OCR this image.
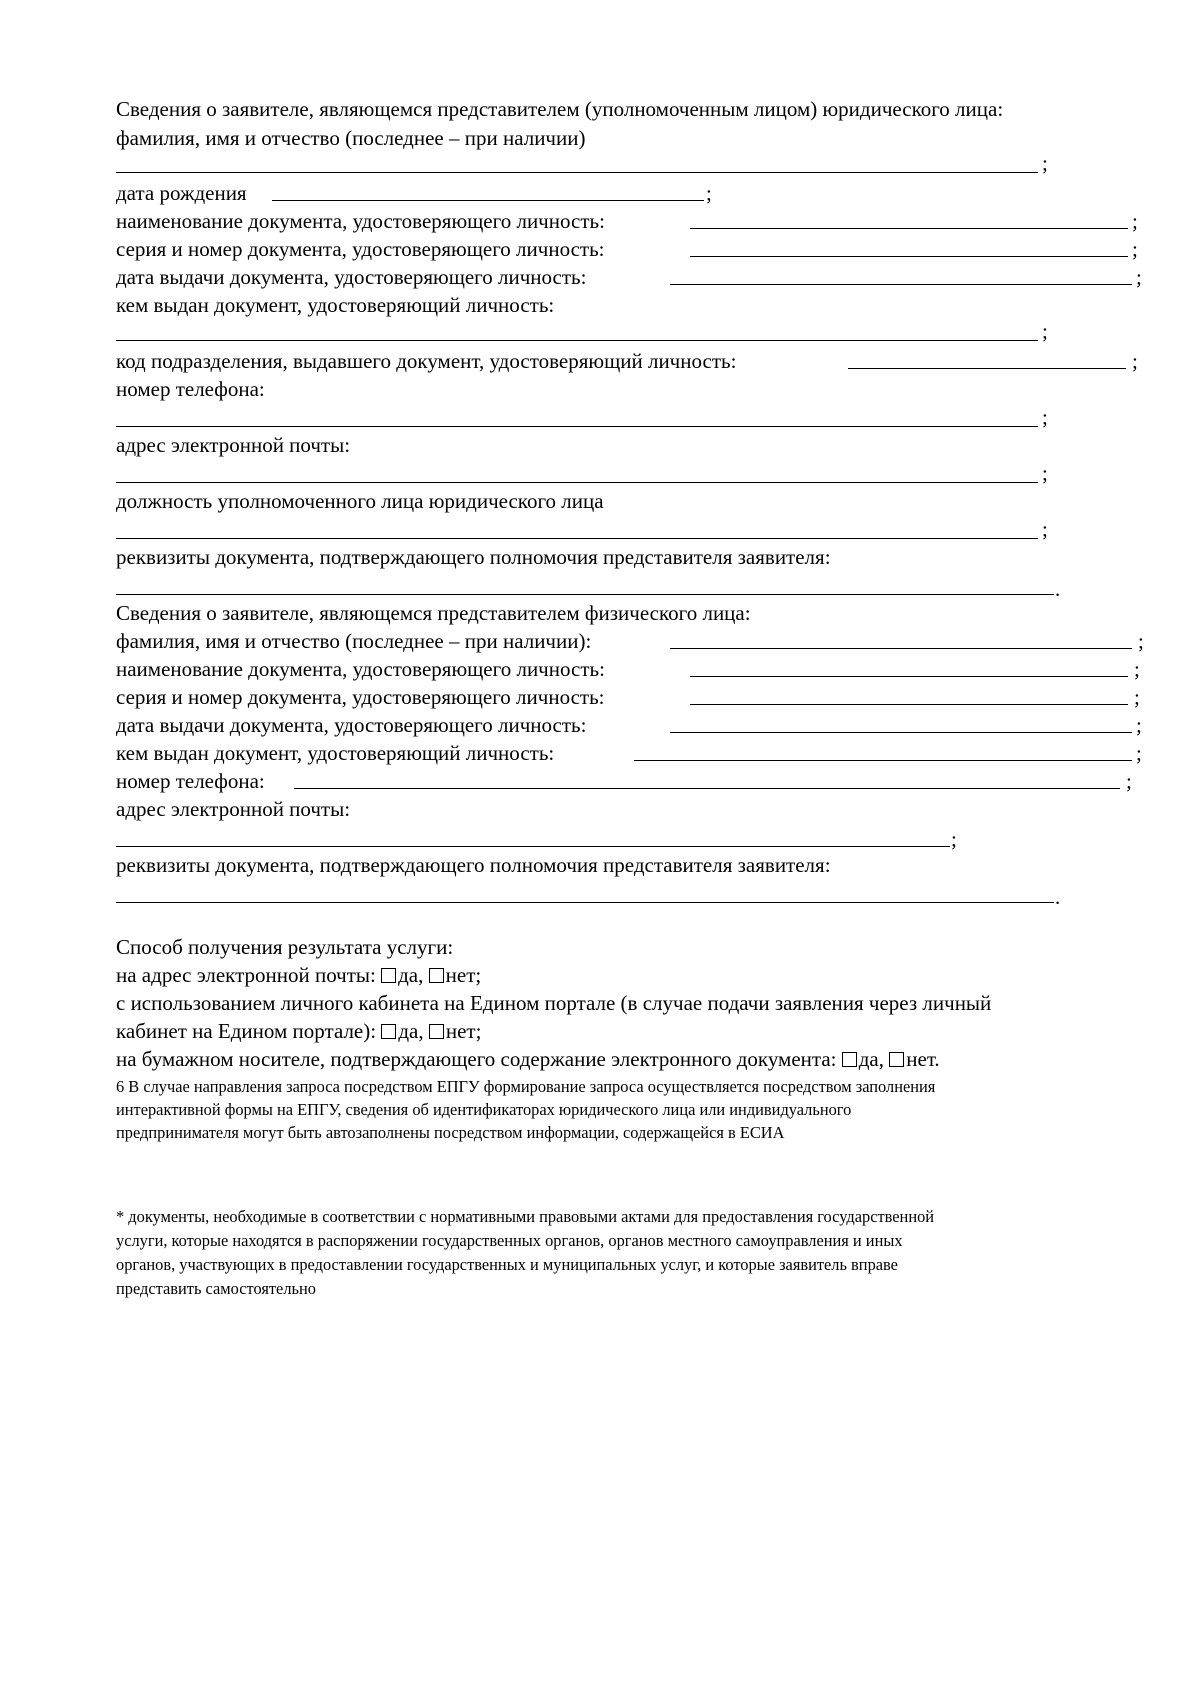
Сведения о заявителе, являющемся представителем (уполномоченным лицом) юридического лица:
фамилия, имя и отчество (последнее – при наличии)
;
дата рождения	;
наименование документа, удостоверяющего личность:	;
серия и номер документа, удостоверяющего личность:	;
дата выдачи документа, удостоверяющего личность:	;
кем выдан документ, удостоверяющий личность:
;
код подразделения, выдавшего документ, удостоверяющий личность:	;
номер телефона:
;
адрес электронной почты:
;
должность уполномоченного лица юридического лица
;
реквизиты документа, подтверждающего полномочия представителя заявителя:
.
Сведения о заявителе, являющемся представителем физического лица:
фамилия, имя и отчество (последнее – при наличии):	;
наименование документа, удостоверяющего личность:	;
серия и номер документа, удостоверяющего личность:	;
дата выдачи документа, удостоверяющего личность:	;
кем выдан документ, удостоверяющий личность:	;
номер телефона:	;
адрес электронной почты:
;
реквизиты документа, подтверждающего полномочия представителя заявителя:
.
Способ получения результата услуги:
на адрес электронной почты: да, нет;
с использованием личного кабинета на Едином портале (в случае подачи заявления через личный
кабинет на Едином портале): да, нет;
на бумажном носителе, подтверждающего содержание электронного документа: да, нет.
6 В случае направления запроса посредством ЕПГУ формирование запроса осуществляется посредством заполнения
интерактивной формы на ЕПГУ, сведения об идентификаторах юридического лица или индивидуального
предпринимателя могут быть автозаполнены посредством информации, содержащейся в ЕСИА
* документы, необходимые в соответствии с нормативными правовыми актами для предоставления государственной
услуги, которые находятся в распоряжении государственных органов, органов местного самоуправления и иных
органов, участвующих в предоставлении государственных и муниципальных услуг, и которые заявитель вправе
представить самостоятельно
